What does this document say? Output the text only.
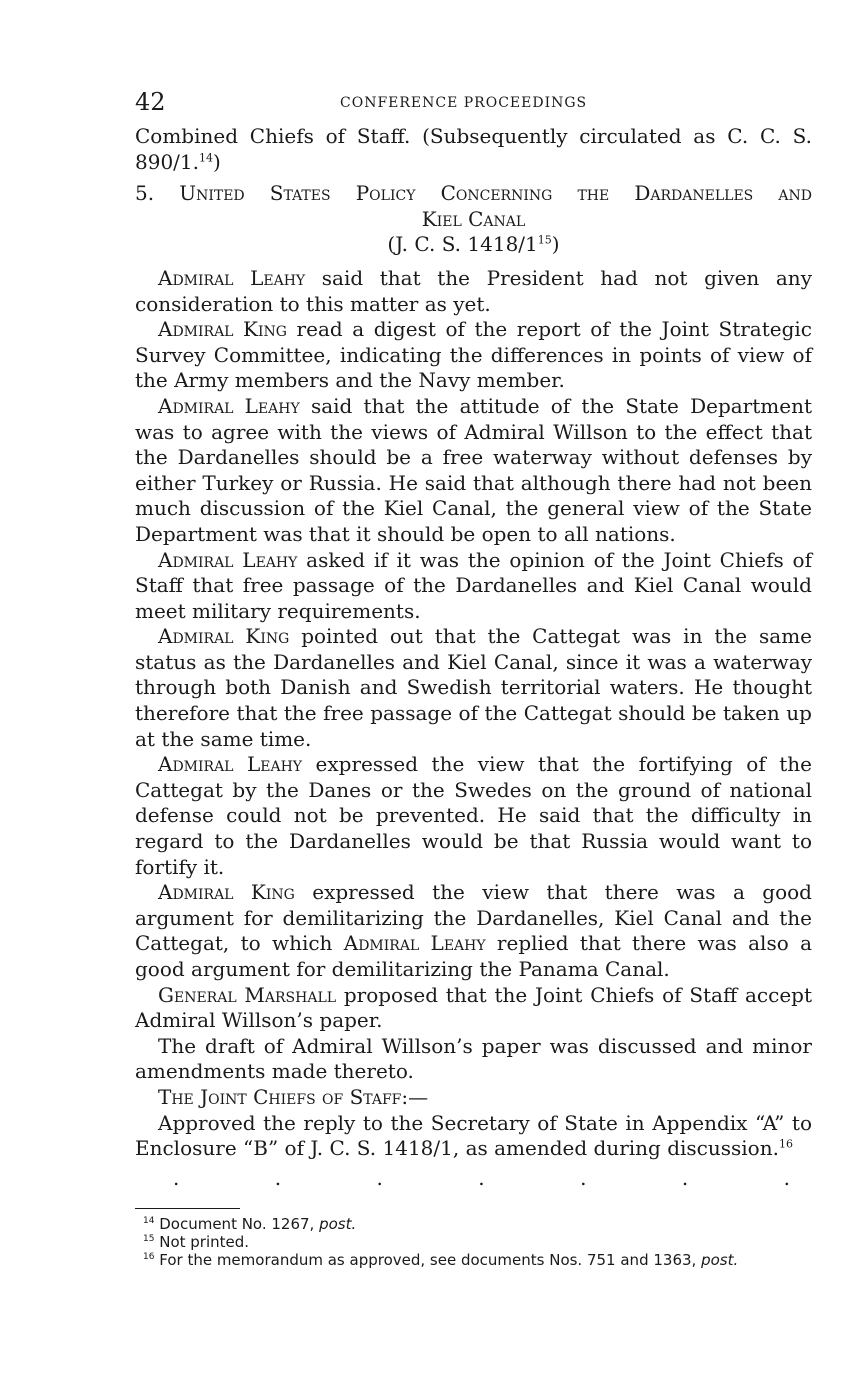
42	CONFERENCE PROCEEDINGS

Combined Chiefs of Staff. (Subsequently circulated as C. C. S. 890/1.14)

5. United States Policy Concerning the Dardanelles and
Kiel Canal
(J. C. S. $1418/1^{15}$)

Admiral Leahy said that the President had not given any consideration to this matter as yet.

Admiral King read a digest of the report of the Joint Strategic Survey Committee, indicating the differences in points of view of the Army members and the Navy member.

Admiral Leahy said that the attitude of the State Department was to agree with the views of Admiral Willson to the effect that the Dardanelles should be a free waterway without defenses by either Turkey or Russia. He said that although there had not been much discussion of the Kiel Canal, the general view of the State Department was that it should be open to all nations.

Admiral Leahy asked if it was the opinion of the Joint Chiefs of Staff that free passage of the Dardanelles and Kiel Canal would meet military requirements.

Admiral King pointed out that the Cattegat was in the same status as the Dardanelles and Kiel Canal, since it was a waterway through both Danish and Swedish territorial waters. He thought therefore that the free passage of the Cattegat should be taken up at the same time.

Admiral Leahy expressed the view that the fortifying of the Cattegat by the Danes or the Swedes on the ground of national defense could not be prevented. He said that the difficulty in regard to the Dardanelles would be that Russia would want to fortify it.

Admiral King expressed the view that there was a good argument for demilitarizing the Dardanelles, Kiel Canal and the Cattegat, to which Admiral Leahy replied that there was also a good argument for demilitarizing the Panama Canal.

General Marshall proposed that the Joint Chiefs of Staff accept Admiral Willson’s paper.

The draft of Admiral Willson’s paper was discussed and minor amendments made thereto.

The Joint Chiefs of Staff:—

Approved the reply to the Secretary of State in Appendix “A” to Enclosure “B” of J. C. S. 1418/1, as amended during discussion.$^{16}$

.	.	.	.	.	.	.
$^{14}$ Document No. 1267, post.
$^{15}$ Not printed.
$^{16}$ For the memorandum as approved, see documents Nos. 751 and 1363, post.
